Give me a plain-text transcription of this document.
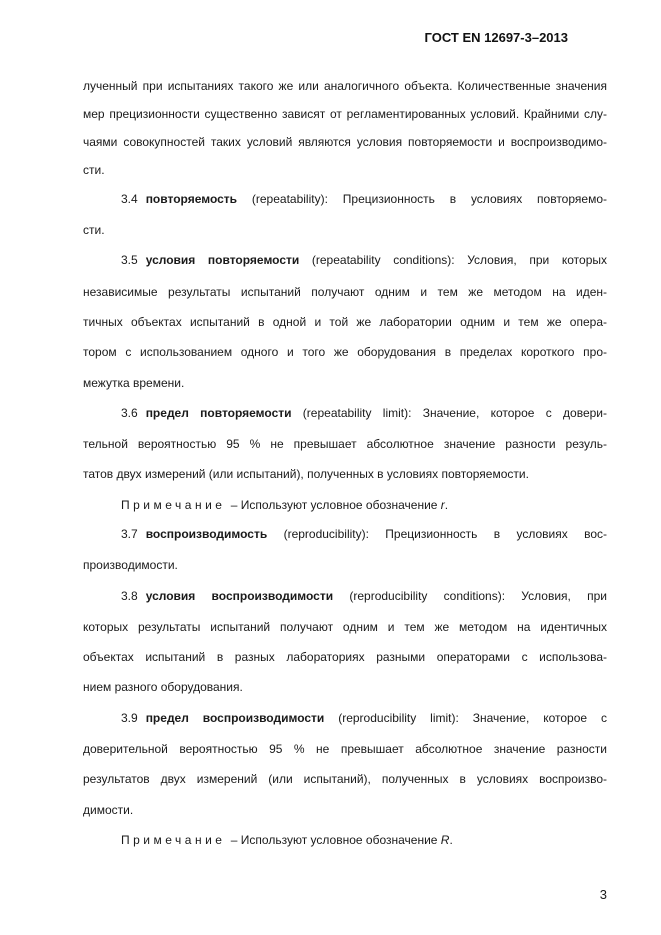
ГОСТ EN 12697-3–2013
лученный при испытаниях такого же или аналогичного объекта. Количественные значения
мер прецизионности существенно зависят от регламентированных условий. Крайними слу-
чаями совокупностей таких условий являются условия повторяемости и воспроизводимо-
сти.
3.4 повторяемость (repeatability): Прецизионность в условиях повторяемо-
сти.
3.5 условия повторяемости (repeatability conditions): Условия, при которых
независимые результаты испытаний получают одним и тем же методом на иден-
тичных объектах испытаний в одной и той же лаборатории одним и тем же опера-
тором с использованием одного и того же оборудования в пределах короткого про-
межутка времени.
3.6 предел повторяемости (repeatability limit): Значение, которое с довери-
тельной вероятностью 95 % не превышает абсолютное значение разности резуль-
татов двух измерений (или испытаний), полученных в условиях повторяемости.
Примечание – Используют условное обозначение r.
3.7 воспроизводимость (reproducibility): Прецизионность в условиях вос-
производимости.
3.8 условия воспроизводимости (reproducibility conditions): Условия, при
которых результаты испытаний получают одним и тем же методом на идентичных
объектах испытаний в разных лабораториях разными операторами с использова-
нием разного оборудования.
3.9 предел воспроизводимости (reproducibility limit): Значение, которое с
доверительной вероятностью 95 % не превышает абсолютное значение разности
результатов двух измерений (или испытаний), полученных в условиях воспроизво-
димости.
Примечание – Используют условное обозначение R.
3
